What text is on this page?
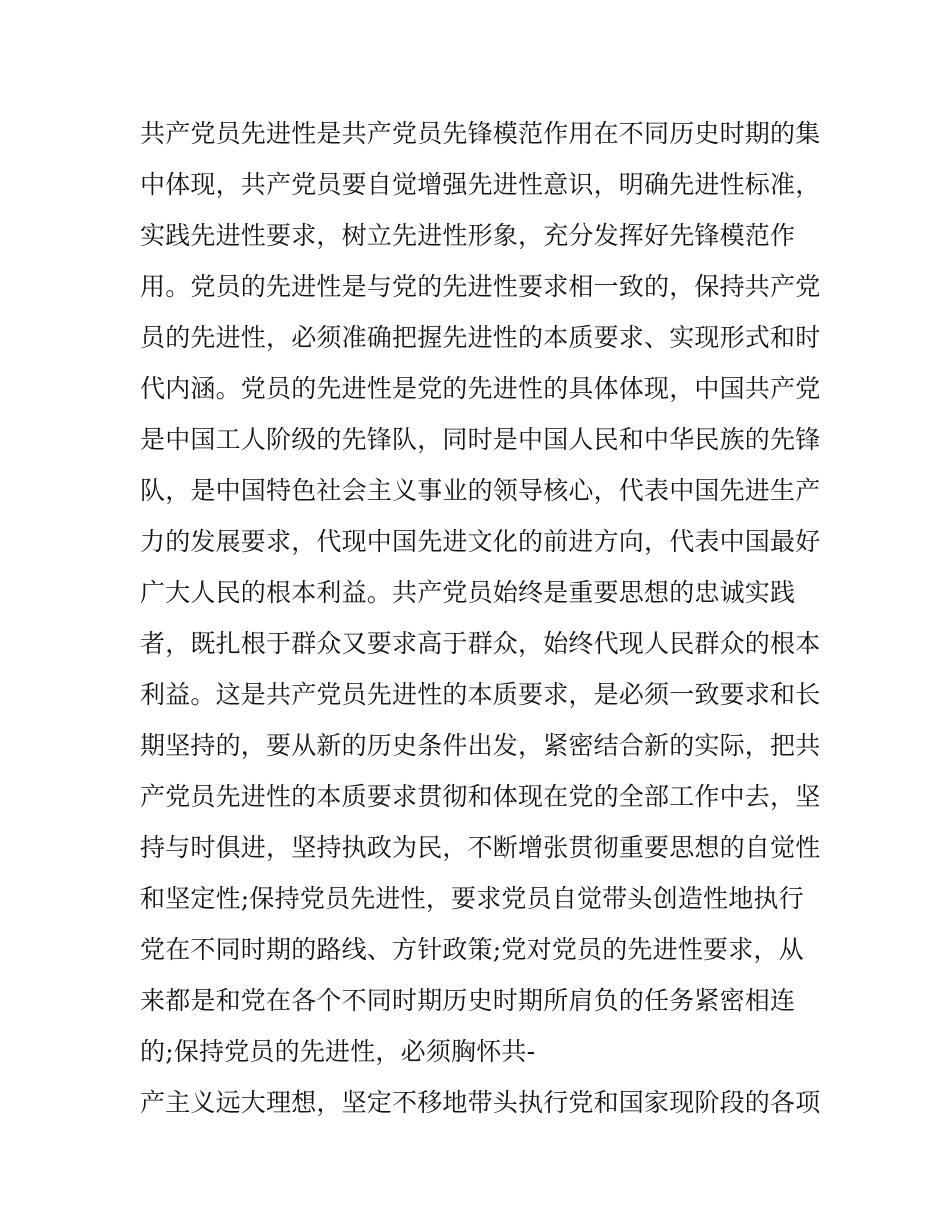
共产党员先进性是共产党员先锋模范作用在不同历史时期的集
中体现，共产党员要自觉增强先进性意识，明确先进性标准，
实践先进性要求，树立先进性形象，充分发挥好先锋模范作
用。党员的先进性是与党的先进性要求相一致的，保持共产党
员的先进性，必须准确把握先进性的本质要求、实现形式和时
代内涵。党员的先进性是党的先进性的具体体现，中国共产党
是中国工人阶级的先锋队，同时是中国人民和中华民族的先锋
队，是中国特色社会主义事业的领导核心，代表中国先进生产
力的发展要求，代现中国先进文化的前进方向，代表中国最好
广大人民的根本利益。共产党员始终是重要思想的忠诚实践
者，既扎根于群众又要求高于群众，始终代现人民群众的根本
利益。这是共产党员先进性的本质要求，是必须一致要求和长
期坚持的，要从新的历史条件出发，紧密结合新的实际，把共
产党员先进性的本质要求贯彻和体现在党的全部工作中去，坚
持与时俱进，坚持执政为民，不断增张贯彻重要思想的自觉性
和坚定性;保持党员先进性，要求党员自觉带头创造性地执行
党在不同时期的路线、方针政策;党对党员的先进性要求，从
来都是和党在各个不同时期历史时期所肩负的任务紧密相连
的;保持党员的先进性，必须胸怀共-
产主义远大理想，坚定不移地带头执行党和国家现阶段的各项
